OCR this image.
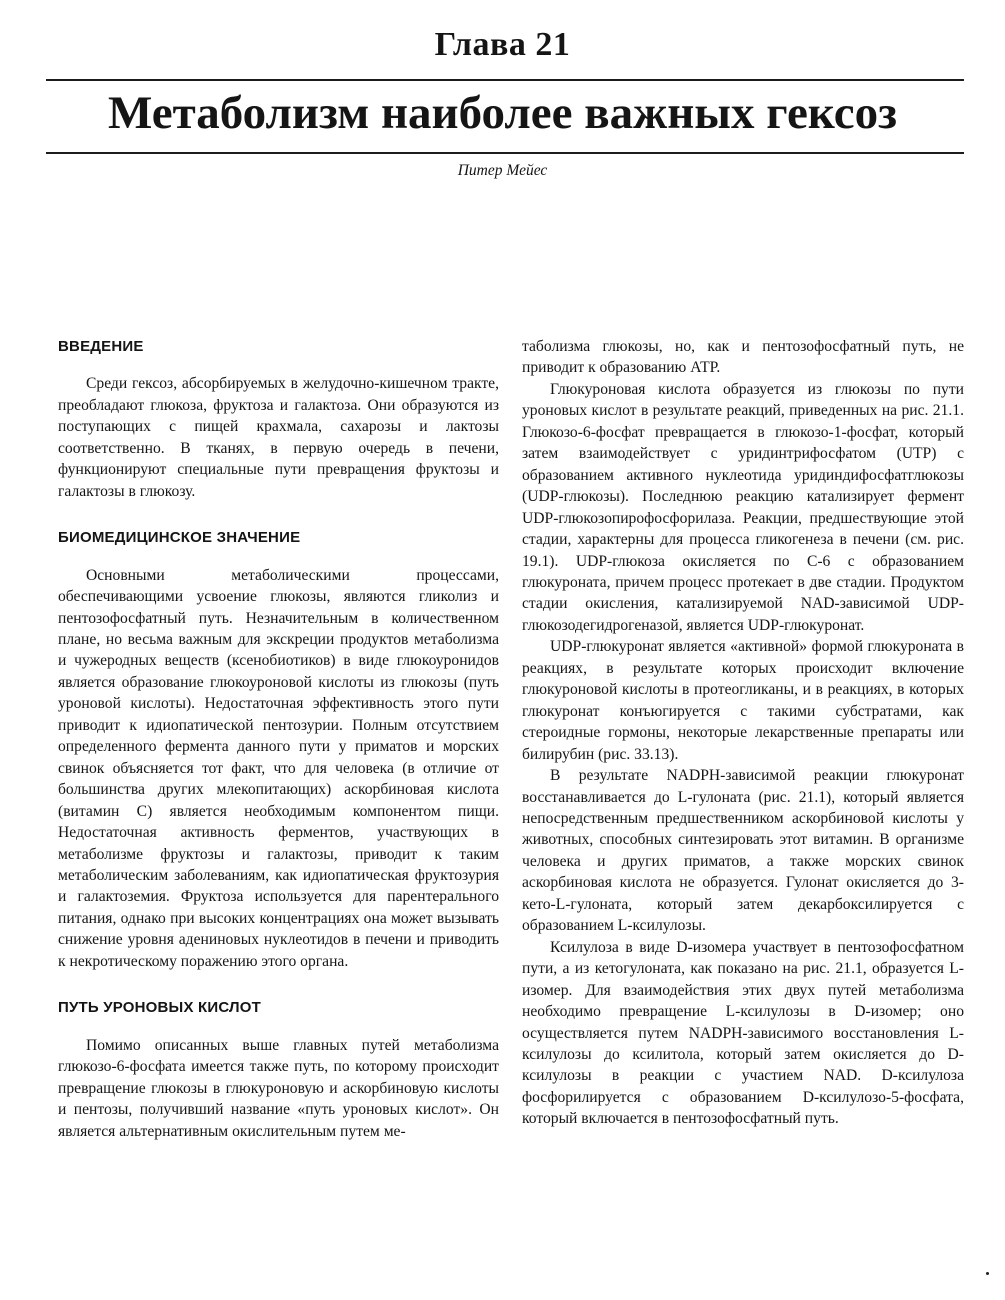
Глава 21
Метаболизм наиболее важных гексоз
Питер Мейес
ВВЕДЕНИЕ

Среди гексоз, абсорбируемых в желудочно-кишечном тракте, преобладают глюкоза, фруктоза и галактоза. Они образуются из поступающих с пищей крахмала, сахарозы и лактозы соответственно. В тканях, в первую очередь в печени, функционируют специальные пути превращения фруктозы и галактозы в глюкозу.

БИОМЕДИЦИНСКОЕ ЗНАЧЕНИЕ

Основными метаболическими процессами, обеспечивающими усвоение глюкозы, являются гликолиз и пентозофосфатный путь. Незначительным в количественном плане, но весьма важным для экскреции продуктов метаболизма и чужеродных веществ (ксенобиотиков) в виде глюкоуронидов является образование глюкоуроновой кислоты из глюкозы (путь уроновой кислоты). Недостаточная эффективность этого пути приводит к идиопатической пентозурии. Полным отсутствием определенного фермента данного пути у приматов и морских свинок объясняется тот факт, что для человека (в отличие от большинства других млекопитающих) аскорбиновая кислота (витамин С) является необходимым компонентом пищи. Недостаточная активность ферментов, участвующих в метаболизме фруктозы и галактозы, приводит к таким метаболическим заболеваниям, как идиопатическая фруктозурия и галактоземия. Фруктоза используется для парентерального питания, однако при высоких концентрациях она может вызывать снижение уровня адениновых нуклеотидов в печени и приводить к некротическому поражению этого органа.

ПУТЬ УРОНОВЫХ КИСЛОТ

Помимо описанных выше главных путей метаболизма глюкозо-6-фосфата имеется также путь, по которому происходит превращение глюкозы в глюкуроновую и аскорбиновую кислоты и пентозы, получивший название «путь уроновых кислот». Он является альтернативным окислительным путем ме-

таболизма глюкозы, но, как и пентозофосфатный путь, не приводит к образованию АТР.

Глюкуроновая кислота образуется из глюкозы по пути уроновых кислот в результате реакций, приведенных на рис. 21.1. Глюкозо-6-фосфат превращается в глюкозо-1-фосфат, который затем взаимодействует с уридинтрифосфатом (UTP) с образованием активного нуклеотида уридиндифосфатглюкозы (UDP-глюкозы). Последнюю реакцию катализирует фермент UDP-глюкозопирофосфорилаза. Реакции, предшествующие этой стадии, характерны для процесса гликогенеза в печени (см. рис. 19.1). UDP-глюкоза окисляется по С-6 с образованием глюкуроната, причем процесс протекает в две стадии. Продуктом стадии окисления, катализируемой NAD-зависимой UDP-глюкозодегидрогеназой, является UDP-глюкуронат.

UDP-глюкуронат является «активной» формой глюкуроната в реакциях, в результате которых происходит включение глюкуроновой кислоты в протеогликаны, и в реакциях, в которых глюкуронат конъюгируется с такими субстратами, как стероидные гормоны, некоторые лекарственные препараты или билирубин (рис. 33.13).

В результате NADPH-зависимой реакции глюкуронат восстанавливается до L-гулоната (рис. 21.1), который является непосредственным предшественником аскорбиновой кислоты у животных, способных синтезировать этот витамин. В организме человека и других приматов, а также морских свинок аскорбиновая кислота не образуется. Гулонат окисляется до 3-кето-L-гулоната, который затем декарбоксилируется с образованием L-ксилулозы.

Ксилулоза в виде D-изомера участвует в пентозофосфатном пути, а из кетогулоната, как показано на рис. 21.1, образуется L-изомер. Для взаимодействия этих двух путей метаболизма необходимо превращение L-ксилулозы в D-изомер; оно осуществляется путем NADPH-зависимого восстановления L-ксилулозы до ксилитола, который затем окисляется до D-ксилулозы в реакции с участием NAD. D-ксилулоза фосфорилируется с образованием D-ксилулозо-5-фосфата, который включается в пентозофосфатный путь.
